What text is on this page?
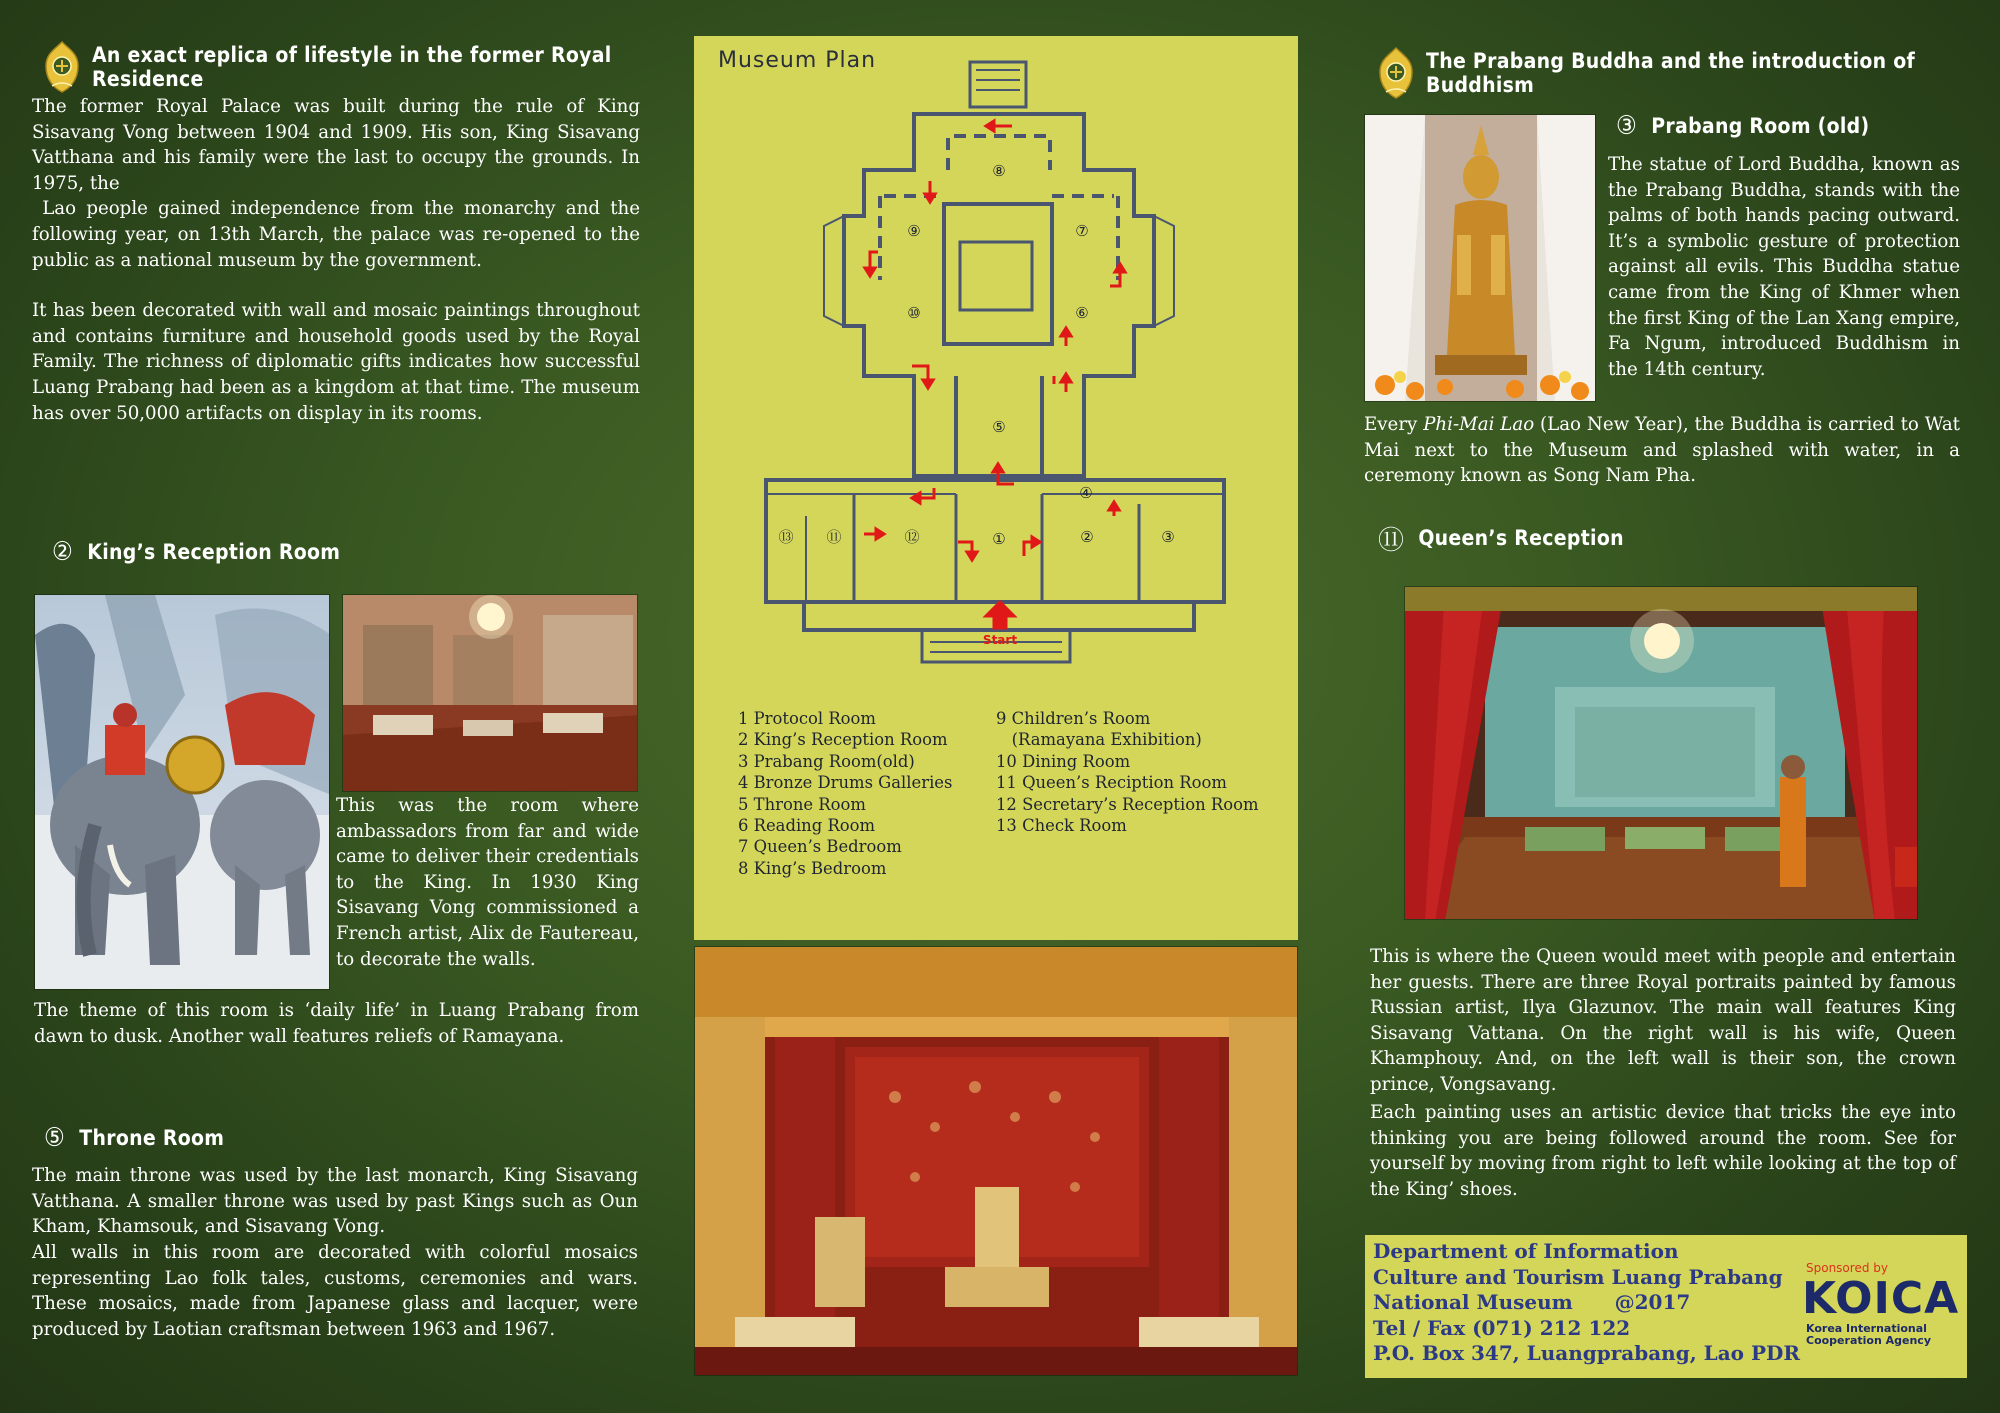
An exact replica of lifestyle in the former Royal Residence

The former Royal Palace was built during the rule of King Sisavang Vong between 1904 and 1909. His son, King Sisavang Vatthana and his family were the last to occupy the grounds. In 1975, the

Lao people gained independence from the monarchy and the following year, on 13th March, the palace was re-opened to the public as a national museum by the government.

It has been decorated with wall and mosaic paintings throughout and contains furniture and household goods used by the Royal Family. The richness of diplomatic gifts indicates how successful Luang Prabang had been as a kingdom at that time. The museum has over 50,000 artifacts on display in its rooms.

② King’s Reception Room

This was the room where ambassadors from far and wide came to deliver their credentials to the King. In 1930 King Sisavang Vong commissioned a French artist, Alix de Fautereau, to decorate the walls.

The theme of this room is ‘daily life’ in Luang Prabang from dawn to dusk. Another wall features reliefs of Ramayana.

⑤ Throne Room

The main throne was used by the last monarch, King Sisavang Vatthana. A smaller throne was used by past Kings such as Oun Kham, Khamsouk, and Sisavang Vong.

All walls in this room are decorated with colorful mosaics representing Lao folk tales, customs, ceremonies and wars. These mosaics, made from Japanese glass and lacquer, were produced by Laotian craftsman between 1963 and 1967.

Museum Plan
⑧
⑨	⑦
⑩	⑥
⑤
④
⑬ ⑪	⑫	①	②	③
Start
1 Protocol Room
2 King’s Reception Room
3 Prabang Room(old)
4 Bronze Drums Galleries
5 Throne Room
6 Reading Room
7 Queen’s Bedroom
8 King’s Bedroom
9 Children’s Room
(Ramayana Exhibition)
10 Dining Room
11 Queen’s Reciption Room
12 Secretary’s Reception Room
13 Check Room
The Prabang Buddha and the introduction of Buddhism
③ Prabang Room (old)

The statue of Lord Buddha, known as the Prabang Buddha, stands with the palms of both hands pacing outward. It’s a symbolic gesture of protection against all evils. This Buddha statue came from the King of Khmer when the first King of the Lan Xang empire, Fa Ngum, introduced Buddhism in the 14th century.

Every Phi-Mai Lao (Lao New Year), the Buddha is carried to Wat Mai next to the Museum and splashed with water, in a ceremony known as Song Nam Pha.

⑪ Queen’s Reception

This is where the Queen would meet with people and entertain her guests. There are three Royal portraits painted by famous Russian artist, Ilya Glazunov. The main wall features King Sisavang Vattana. On the right wall is his wife, Queen Khamphouy. And, on the left wall is their son, the crown prince, Vongsavang.

Each painting uses an artistic device that tricks the eye into thinking you are being followed around the room. See for yourself by moving from right to left while looking at the top of the King’ shoes.

Department of Information
Culture and Tourism Luang Prabang
National Museum      @2017
Tel / Fax (071) 212 122
P.O. Box 347, Luangprabang, Lao PDR
Sponsored by
KOICA
Korea International
Cooperation Agency
